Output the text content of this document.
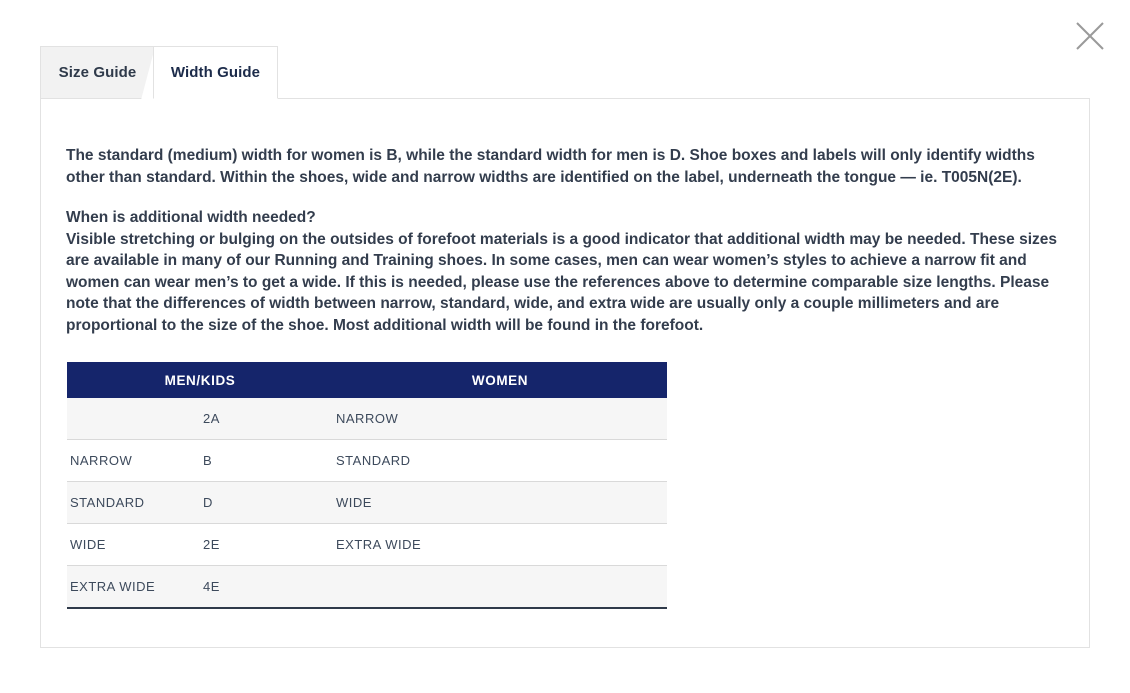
Size Guide Width Guide

The standard (medium) width for women is B, while the standard width for men is D. Shoe boxes and labels will only identify widths other than standard. Within the shoes, wide and narrow widths are identified on the label, underneath the tongue — ie. T005N(2E).

When is additional width needed?
Visible stretching or bulging on the outsides of forefoot materials is a good indicator that additional width may be needed. These sizes are available in many of our Running and Training shoes. In some cases, men can wear women’s styles to achieve a narrow fit and women can wear men’s to get a wide. If this is needed, please use the references above to determine comparable size lengths. Please note that the differences of width between narrow, standard, wide, and extra wide are usually only a couple millimeters and are proportional to the size of the shoe. Most additional width will be found in the forefoot.

MEN/KIDS		WOMEN
	2A	NARROW
NARROW	B	STANDARD
STANDARD	D	WIDE
WIDE	2E	EXTRA WIDE
EXTRA WIDE	4E	
